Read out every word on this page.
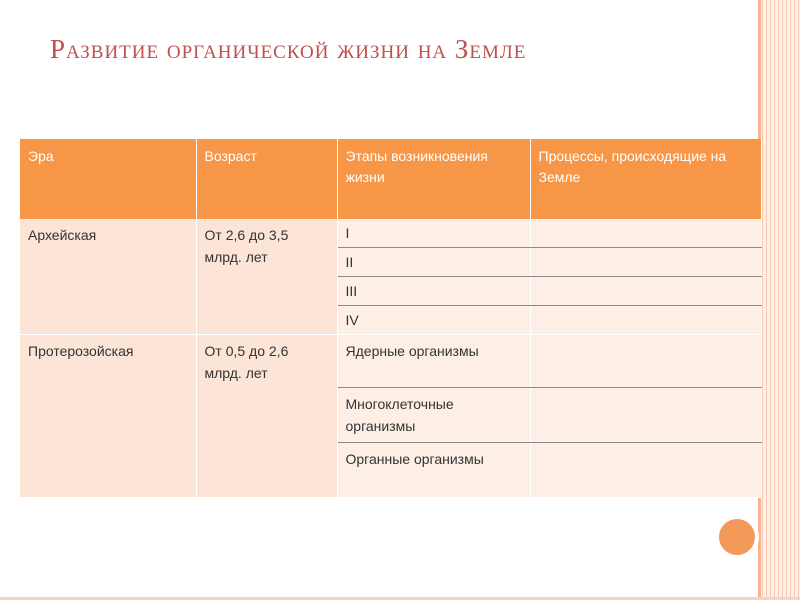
Развитие органической жизни на Земле
Эра	Возраст	Этапы возникновения жизни	Процессы, происходящие на Земле
Архейская	От 2,6 до 3,5 млрд. лет	I	
		II	
		III	
		IV	
Протерозойская	От 0,5 до 2,6 млрд. лет	Ядерные организмы	
		Многоклеточные организмы	
		Органные организмы	
